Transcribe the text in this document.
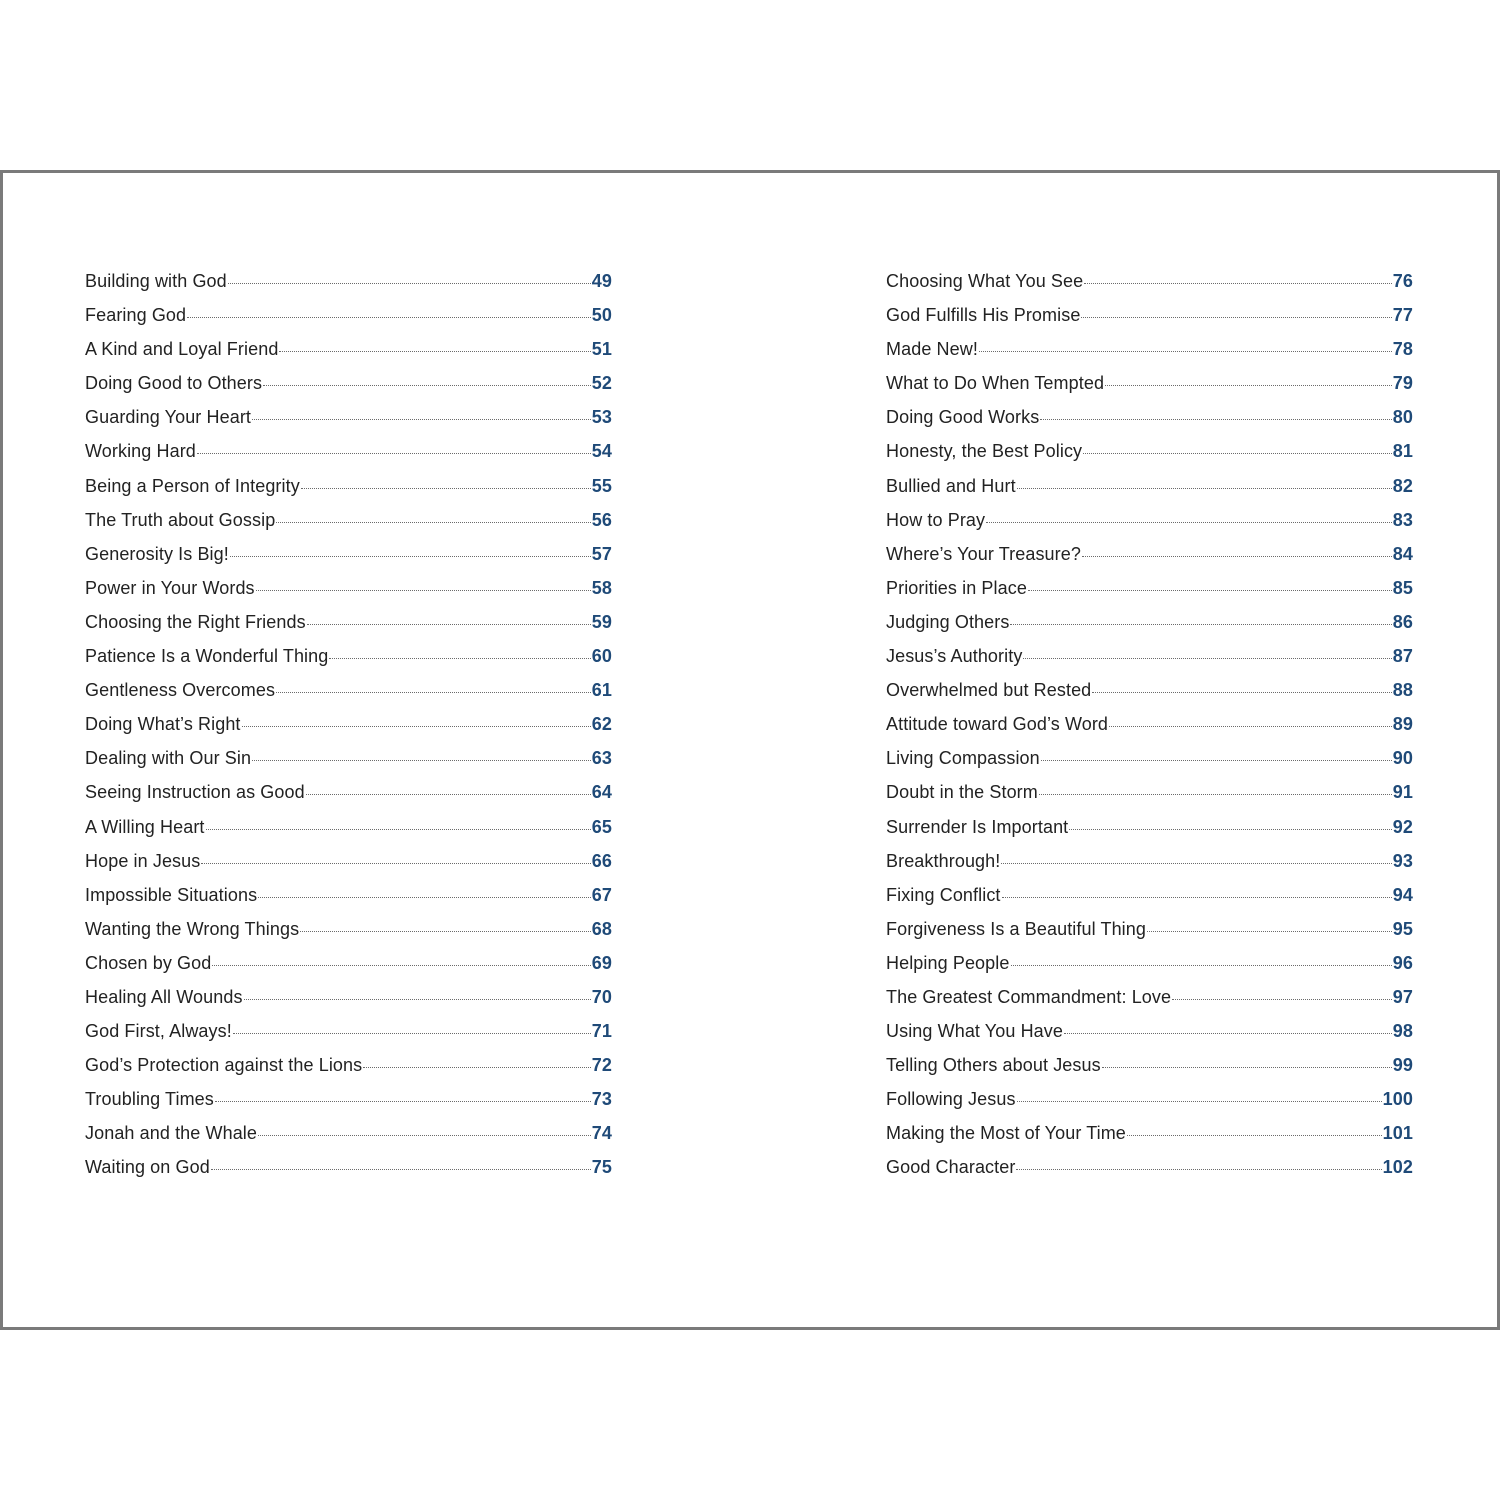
Building with God	49
Fearing God	50
A Kind and Loyal Friend	51
Doing Good to Others	52
Guarding Your Heart	53
Working Hard	54
Being a Person of Integrity	55
The Truth about Gossip	56
Generosity Is Big!	57
Power in Your Words	58
Choosing the Right Friends	59
Patience Is a Wonderful Thing	60
Gentleness Overcomes	61
Doing What’s Right	62
Dealing with Our Sin	63
Seeing Instruction as Good	64
A Willing Heart	65
Hope in Jesus	66
Impossible Situations	67
Wanting the Wrong Things	68
Chosen by God	69
Healing All Wounds	70
God First, Always!	71
God’s Protection against the Lions	72
Troubling Times	73
Jonah and the Whale	74
Waiting on God	75
Choosing What You See	76
God Fulfills His Promise	77
Made New!	78
What to Do When Tempted	79
Doing Good Works	80
Honesty, the Best Policy	81
Bullied and Hurt	82
How to Pray	83
Where’s Your Treasure?	84
Priorities in Place	85
Judging Others	86
Jesus’s Authority	87
Overwhelmed but Rested	88
Attitude toward God’s Word	89
Living Compassion	90
Doubt in the Storm	91
Surrender Is Important	92
Breakthrough!	93
Fixing Conflict	94
Forgiveness Is a Beautiful Thing	95
Helping People	96
The Greatest Commandment: Love	97
Using What You Have	98
Telling Others about Jesus	99
Following Jesus	100
Making the Most of Your Time	101
Good Character	102
